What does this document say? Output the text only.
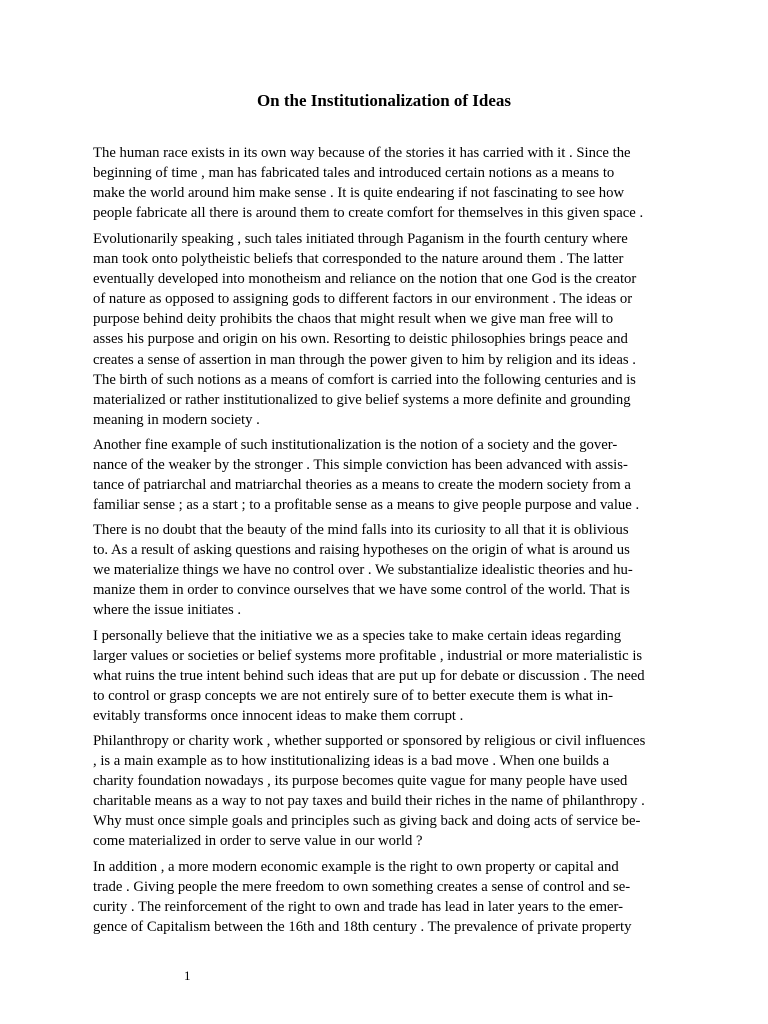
On the Institutionalization of Ideas
The human race exists in its own way because of the stories it has carried with it . Since the
beginning of time , man has fabricated tales and introduced certain notions as a means to
make the world around him make sense . It is quite endearing if not fascinating to see how
people fabricate all there is around them to create comfort for themselves in this given space .
Evolutionarily speaking , such tales initiated through Paganism in the fourth century where
man took onto polytheistic beliefs that corresponded to the nature around them . The latter
eventually developed into monotheism and reliance on the notion that one God is the creator
of nature as opposed to assigning gods to different factors in our environment . The ideas or
purpose behind deity prohibits the chaos that might result when we give man free will to
asses his purpose and origin on his own. Resorting to deistic philosophies brings peace and
creates a sense of assertion in man through the power given to him by religion and its ideas .
The birth of such notions as a means of comfort is carried into the following centuries and is
materialized or rather institutionalized to give belief systems a more definite and grounding
meaning in modern society .
Another fine example of such institutionalization is the notion of a society and the gover-
nance of the weaker by the stronger . This simple conviction has been advanced with assis-
tance of patriarchal and matriarchal theories as a means to create the modern society from a
familiar sense ; as a start ; to a profitable sense as a means to give people purpose and value .
There is no doubt that the beauty of the mind falls into its curiosity to all that it is oblivious
to. As a result of asking questions and raising hypotheses on the origin of what is around us
we materialize things we have no control over . We substantialize idealistic theories and hu-
manize them in order to convince ourselves that we have some control of the world. That is
where the issue initiates .
I personally believe that the initiative we as a species take to make certain ideas regarding
larger values or societies or belief systems more profitable , industrial or more materialistic is
what ruins the true intent behind such ideas that are put up for debate or discussion . The need
to control or grasp concepts we are not entirely sure of to better execute them is what in-
evitably transforms once innocent ideas to make them corrupt .
Philanthropy or charity work , whether supported or sponsored by religious or civil influences
, is a main example as to how institutionalizing ideas is a bad move . When one builds a
charity foundation nowadays , its purpose becomes quite vague for many people have used
charitable means as a way to not pay taxes and build their riches in the name of philanthropy .
Why must once simple goals and principles such as giving back and doing acts of service be-
come materialized in order to serve value in our world ?
In addition , a more modern economic example is the right to own property or capital and
trade . Giving people the mere freedom to own something creates a sense of control and se-
curity . The reinforcement of the right to own and trade has lead in later years to the emer-
gence of Capitalism between the 16th and 18th century . The prevalence of private property
1
